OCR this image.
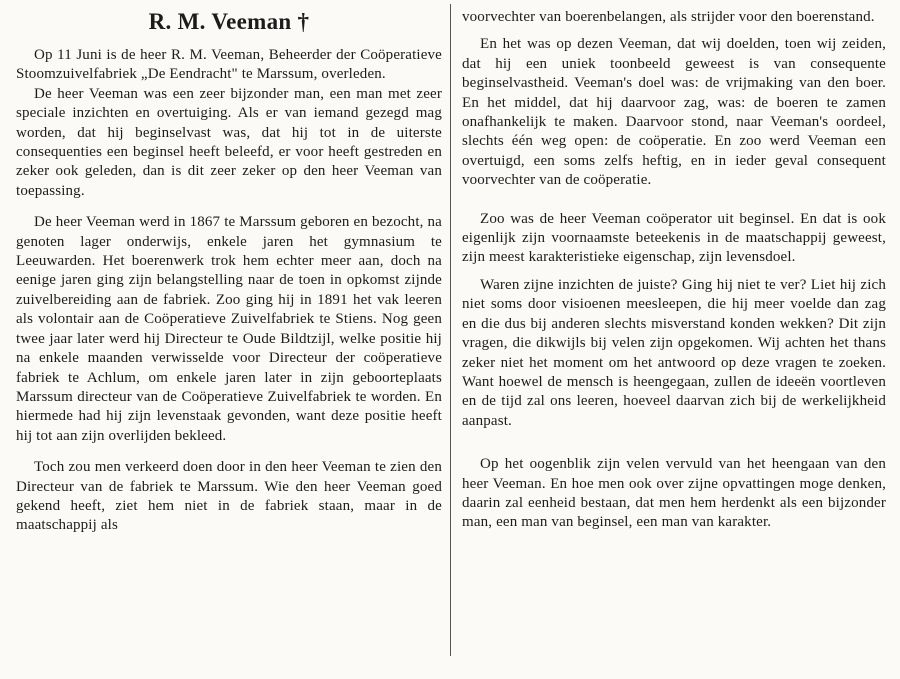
R. M. Veeman †

Op 11 Juni is de heer R. M. Veeman, Beheerder der Coöperatieve Stoomzuivelfabriek „De Eendracht" te Marssum, overleden.

De heer Veeman was een zeer bijzonder man, een man met zeer speciale inzichten en overtuiging. Als er van iemand gezegd mag worden, dat hij beginselvast was, dat hij tot in de uiterste consequenties een beginsel heeft beleefd, er voor heeft gestreden en zeker ook geleden, dan is dit zeer zeker op den heer Veeman van toepassing.

De heer Veeman werd in 1867 te Marssum geboren en bezocht, na genoten lager onderwijs, enkele jaren het gymnasium te Leeuwarden. Het boerenwerk trok hem echter meer aan, doch na eenige jaren ging zijn belangstelling naar de toen in opkomst zijnde zuivelbereiding aan de fabriek. Zoo ging hij in 1891 het vak leeren als volontair aan de Coöperatieve Zuivelfabriek te Stiens. Nog geen twee jaar later werd hij Directeur te Oude Bildtzijl, welke positie hij na enkele maanden verwisselde voor Directeur der coöperatieve fabriek te Achlum, om enkele jaren later in zijn geboorteplaats Marssum directeur van de Coöperatieve Zuivelfabriek te worden. En hiermede had hij zijn levenstaak gevonden, want deze positie heeft hij tot aan zijn overlijden bekleed.

Toch zou men verkeerd doen door in den heer Veeman te zien den Directeur van de fabriek te Marssum. Wie den heer Veeman goed gekend heeft, ziet hem niet in de fabriek staan, maar in de maatschappij als

voorvechter van boerenbelangen, als strijder voor den boerenstand.

En het was op dezen Veeman, dat wij doelden, toen wij zeiden, dat hij een uniek toonbeeld geweest is van consequente beginselvastheid. Veeman's doel was: de vrijmaking van den boer. En het middel, dat hij daarvoor zag, was: de boeren te zamen onafhankelijk te maken. Daarvoor stond, naar Veeman's oordeel, slechts één weg open: de coöperatie. En zoo werd Veeman een overtuigd, een soms zelfs heftig, en in ieder geval consequent voorvechter van de coöperatie.

Zoo was de heer Veeman coöperator uit beginsel. En dat is ook eigenlijk zijn voornaamste beteekenis in de maatschappij geweest, zijn meest karakteristieke eigenschap, zijn levensdoel.

Waren zijne inzichten de juiste? Ging hij niet te ver? Liet hij zich niet soms door visioenen meesleepen, die hij meer voelde dan zag en die dus bij anderen slechts misverstand konden wekken? Dit zijn vragen, die dikwijls bij velen zijn opgekomen. Wij achten het thans zeker niet het moment om het antwoord op deze vragen te zoeken. Want hoewel de mensch is heengegaan, zullen de ideeën voortleven en de tijd zal ons leeren, hoeveel daarvan zich bij de werkelijkheid aanpast.

Op het oogenblik zijn velen vervuld van het heengaan van den heer Veeman. En hoe men ook over zijne opvattingen moge denken, daarin zal eenheid bestaan, dat men hem herdenkt als een bijzonder man, een man van beginsel, een man van karakter.
